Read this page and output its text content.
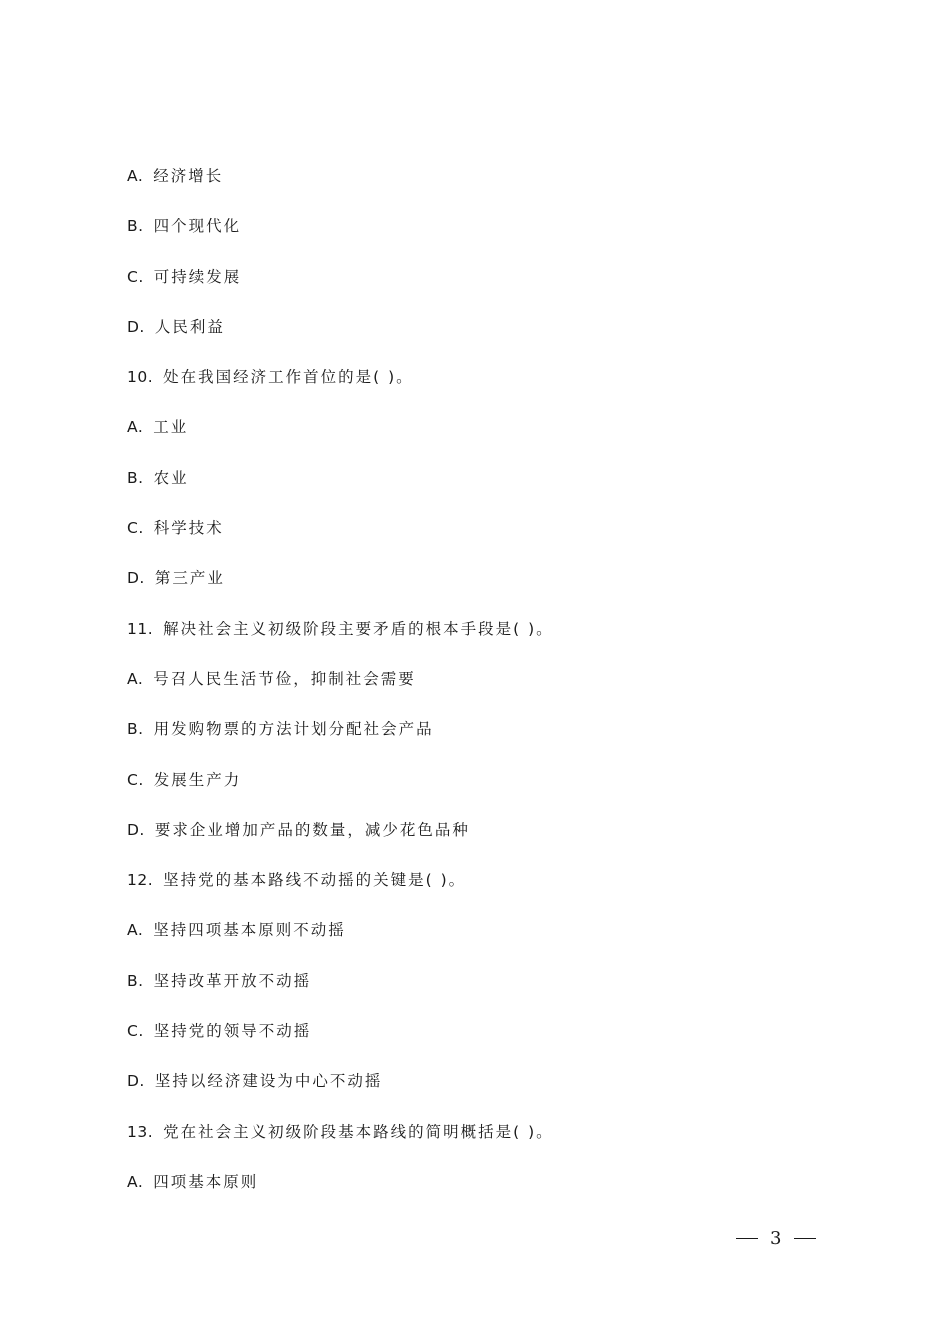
A. 经济增长
B. 四个现代化
C. 可持续发展
D. 人民利益
10. 处在我国经济工作首位的是( )。
A. 工业
B. 农业
C. 科学技术
D. 第三产业
11. 解决社会主义初级阶段主要矛盾的根本手段是( )。
A. 号召人民生活节俭，抑制社会需要
B. 用发购物票的方法计划分配社会产品
C. 发展生产力
D. 要求企业增加产品的数量，减少花色品种
12. 坚持党的基本路线不动摇的关键是( )。
A. 坚持四项基本原则不动摇
B. 坚持改革开放不动摇
C. 坚持党的领导不动摇
D. 坚持以经济建设为中心不动摇
13. 党在社会主义初级阶段基本路线的简明概括是( )。
A. 四项基本原则
3
